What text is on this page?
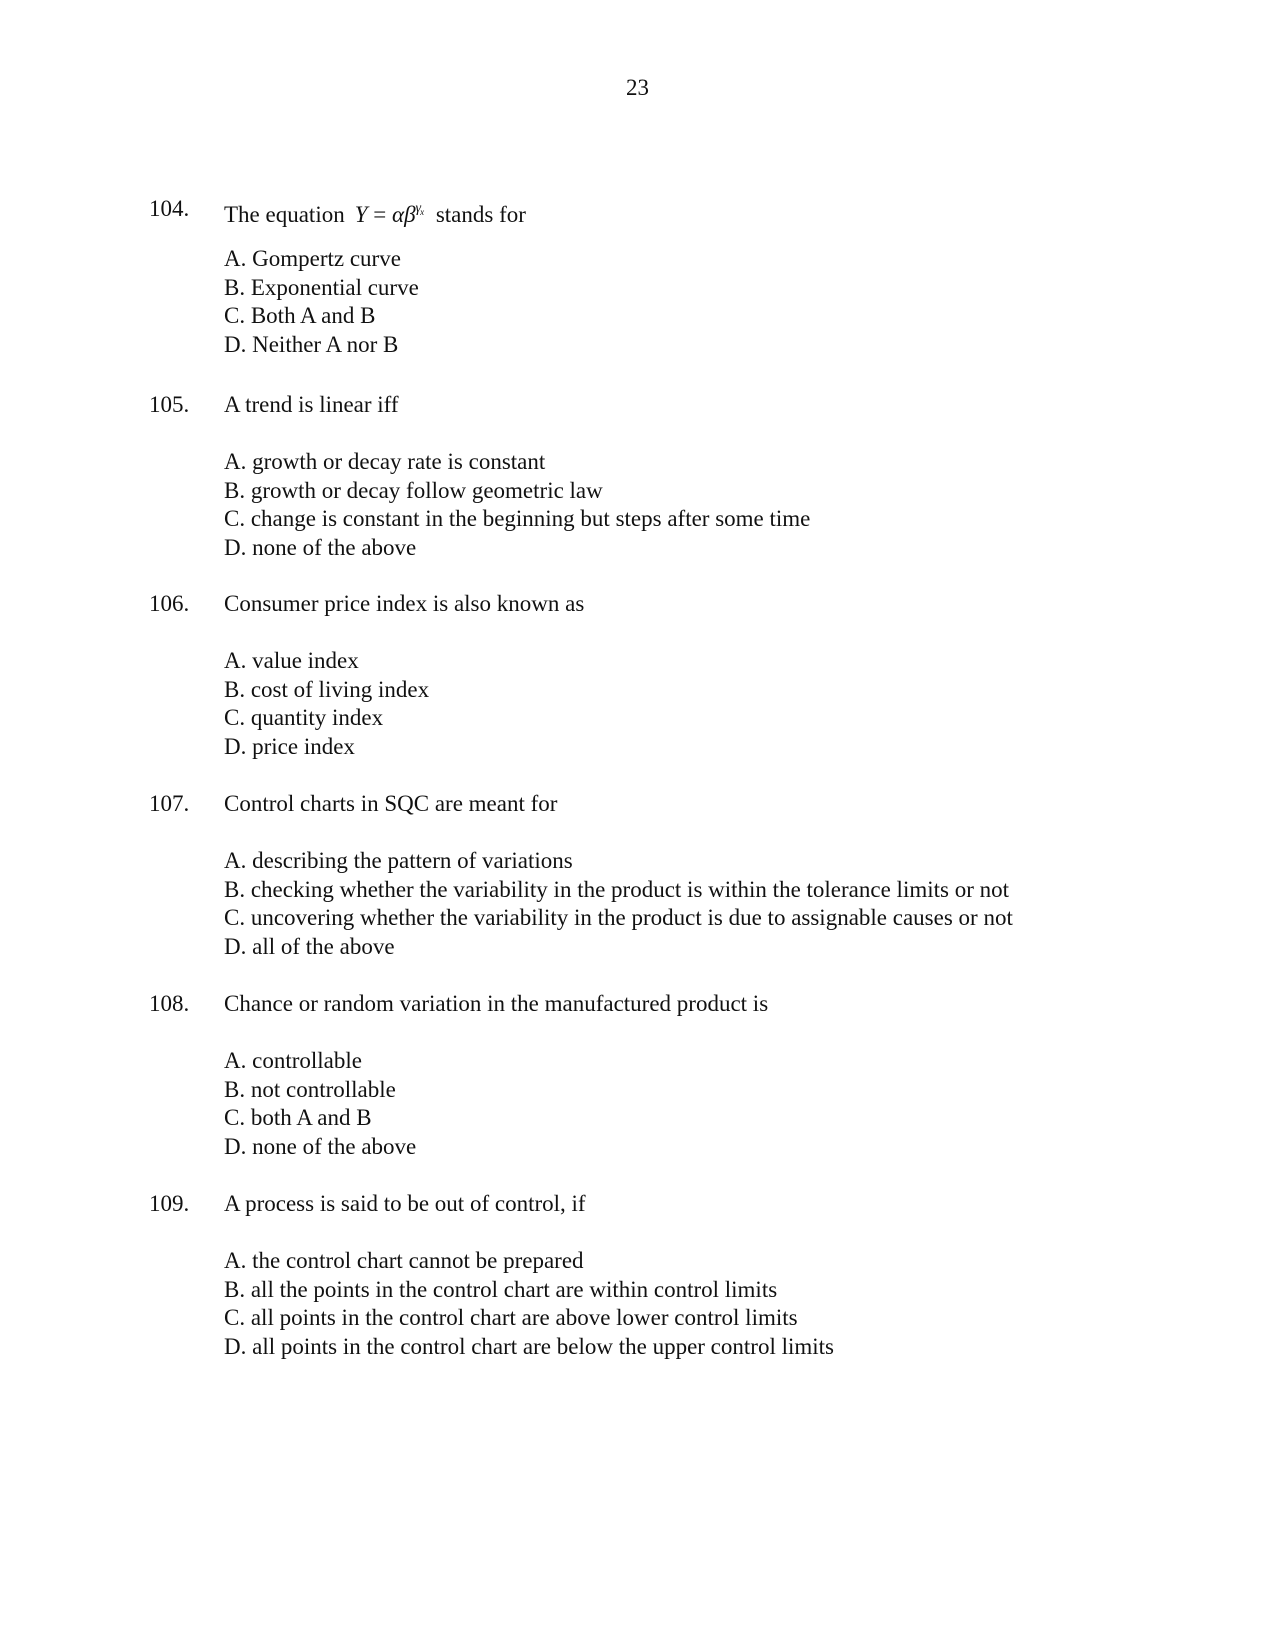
23
104. The equation $Y = \alpha\beta^{\gamma x}$ stands for
A. Gompertz curve
B. Exponential curve
C. Both A and B
D. Neither A nor B
105. A trend is linear iff
A. growth or decay rate is constant
B. growth or decay follow geometric law
C. change is constant in the beginning but steps after some time
D. none of the above
106. Consumer price index is also known as
A. value index
B. cost of living index
C. quantity index
D. price index
107. Control charts in SQC are meant for
A. describing the pattern of variations
B. checking whether the variability in the product is within the tolerance limits or not
C. uncovering whether the variability in the product is due to assignable causes or not
D. all of the above
108. Chance or random variation in the manufactured product is
A. controllable
B. not controllable
C. both A and B
D. none of the above
109. A process is said to be out of control, if
A. the control chart cannot be prepared
B. all the points in the control chart are within control limits
C. all points in the control chart are above lower control limits
D. all points in the control chart are below the upper control limits
